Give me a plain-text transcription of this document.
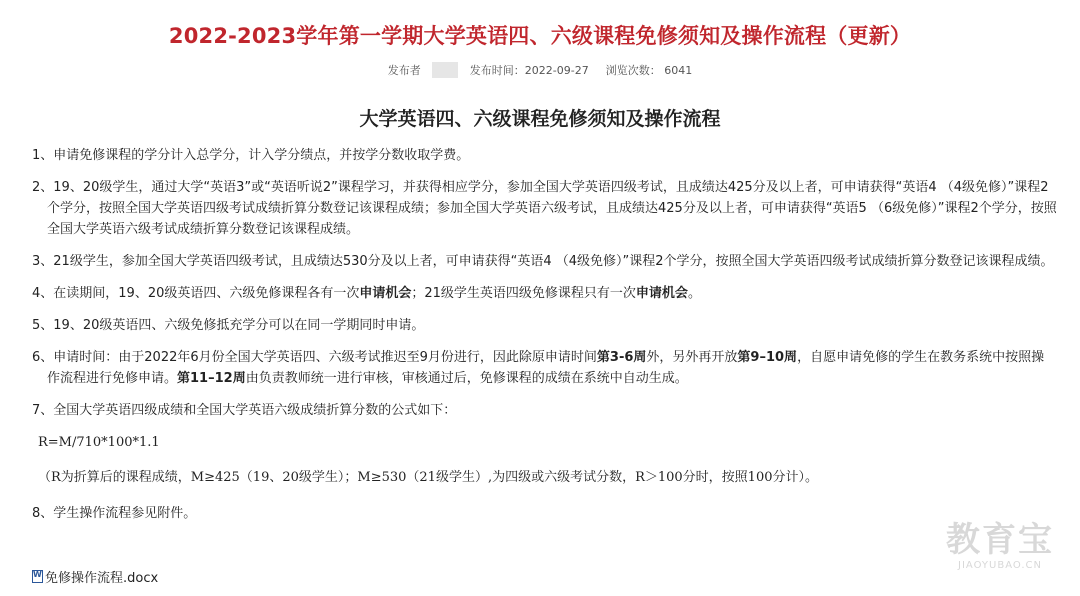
2022-2023学年第一学期大学英语四、六级课程免修须知及操作流程（更新）
发布者	发布时间：2022-09-27 浏览次数： 6041
大学英语四、六级课程免修须知及操作流程
1、申请免修课程的学分计入总学分，计入学分绩点，并按学分数收取学费。
2、19、20级学生，通过大学“英语3”或“英语听说2”课程学习，并获得相应学分，参加全国大学英语四级考试，且成绩达425分及以上者，可申请获得“英语4 （4级免修）”课程2个学分，按照全国大学英语四级考试成绩折算分数登记该课程成绩；参加全国大学英语六级考试，且成绩达425分及以上者，可申请获得“英语5 （6级免修）”课程2个学分，按照全国大学英语六级考试成绩折算分数登记该课程成绩。
3、21级学生，参加全国大学英语四级考试，且成绩达530分及以上者，可申请获得“英语4 （4级免修）”课程2个学分，按照全国大学英语四级考试成绩折算分数登记该课程成绩。
4、在读期间，19、20级英语四、六级免修课程各有一次申请机会；21级学生英语四级免修课程只有一次申请机会。
5、19、20级英语四、六级免修抵充学分可以在同一学期同时申请。
6、申请时间：由于2022年6月份全国大学英语四、六级考试推迟至9月份进行，因此除原申请时间第3-6周外，另外再开放第9–10周，自愿申请免修的学生在教务系统中按照操作流程进行免修申请。第11–12周由负责教师统一进行审核，审核通过后，免修课程的成绩在系统中自动生成。
7、全国大学英语四级成绩和全国大学英语六级成绩折算分数的公式如下：
R=M/710*100*1.1
（R为折算后的课程成绩，M≥425（19、20级学生）；M≥530（21级学生）,为四级或六级考试分数，R＞100分时，按照100分计）。
8、学生操作流程参见附件。
W
免修操作流程.docx
教育宝
JIAOYUBAO.CN
